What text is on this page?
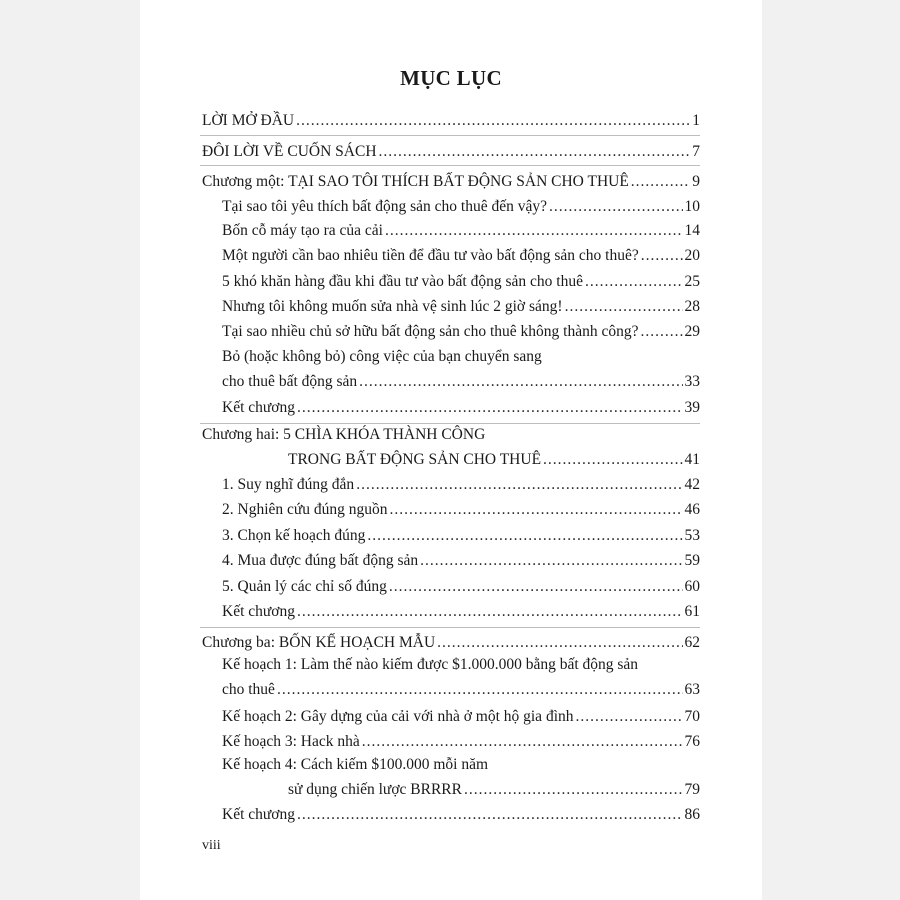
MỤC LỤC
LỜI MỞ ĐẦU .....	1
ĐÔI LỜI VỀ CUỐN SÁCH .....	7
Chương một: TẠI SAO TÔI THÍCH BẤT ĐỘNG SẢN CHO THUÊ .....	9
Tại sao tôi yêu thích bất động sản cho thuê đến vậy? .....	10
Bốn cỗ máy tạo ra của cải .....	14
Một người cần bao nhiêu tiền để đầu tư vào bất động sản cho thuê? .....	20
5 khó khăn hàng đầu khi đầu tư vào bất động sản cho thuê .....	25
Nhưng tôi không muốn sửa nhà vệ sinh lúc 2 giờ sáng! .....	28
Tại sao nhiều chủ sở hữu bất động sản cho thuê không thành công? .....	29
Bỏ (hoặc không bỏ) công việc của bạn chuyển sang
cho thuê bất động sản .....	33
Kết chương .....	39
Chương hai: 5 CHÌA KHÓA THÀNH CÔNG
TRONG BẤT ĐỘNG SẢN CHO THUÊ .....	41
1. Suy nghĩ đúng đắn .....	42
2. Nghiên cứu đúng nguồn .....	46
3. Chọn kế hoạch đúng .....	53
4. Mua được đúng bất động sản .....	59
5. Quản lý các chỉ số đúng .....	60
Kết chương .....	61
Chương ba: BỐN KẾ HOẠCH MẪU .....	62
Kế hoạch 1: Làm thế nào kiếm được $1.000.000 bằng bất động sản
cho thuê .....	63
Kế hoạch 2: Gây dựng của cải với nhà ở một hộ gia đình .....	70
Kế hoạch 3: Hack nhà .....	76
Kế hoạch 4: Cách kiếm $100.000 mỗi năm
sử dụng chiến lược BRRRR .....	79
Kết chương .....	86
viii
